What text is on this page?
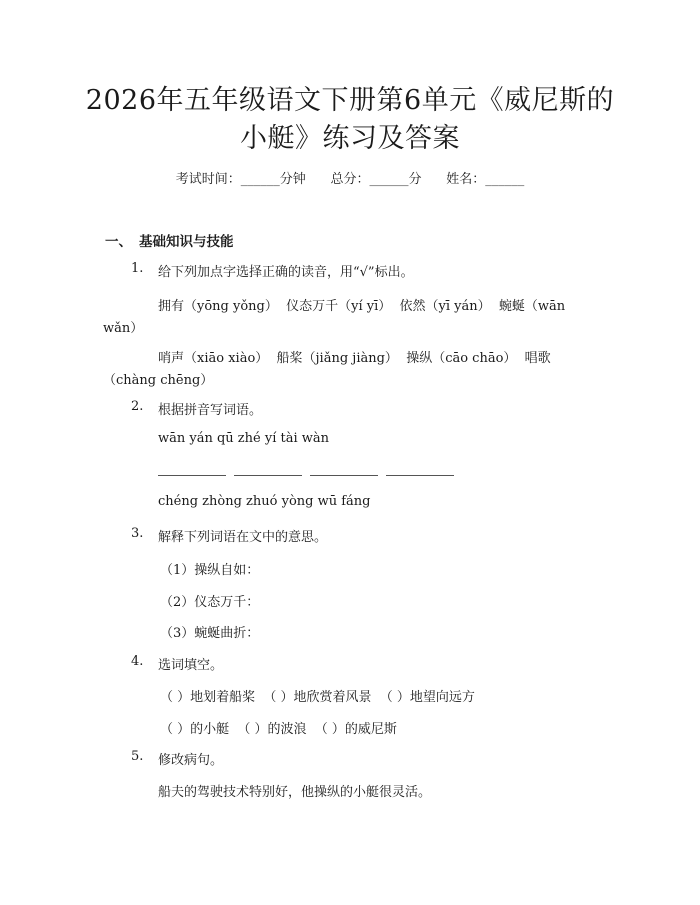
2026年五年级语文下册第6单元《威尼斯的
小艇》练习及答案
考试时间：______分钟      总分：______分      姓名：______
一、 基础知识与技能
1. 给下列加点字选择正确的读音，用“√”标出。
拥有（yōng yǒng）  仪态万千（yí yī）  依然（yī yán）  蜿蜒（wān
wǎn）
哨声（xiāo xiào）  船桨（jiǎng jiàng）  操纵（cāo chāo）  唱歌
（chàng chēng）
2. 根据拼音写词语。
wān yán qū zhé yí tài wàn
chéng zhòng zhuó yòng wū fáng
3. 解释下列词语在文中的意思。
（1）操纵自如：
（2）仪态万千：
（3）蜿蜒曲折：
4. 选词填空。
（ ）地划着船桨  （ ）地欣赏着风景  （ ）地望向远方
（ ）的小艇  （ ）的波浪  （ ）的威尼斯
5. 修改病句。
船夫的驾驶技术特别好，他操纵的小艇很灵活。
